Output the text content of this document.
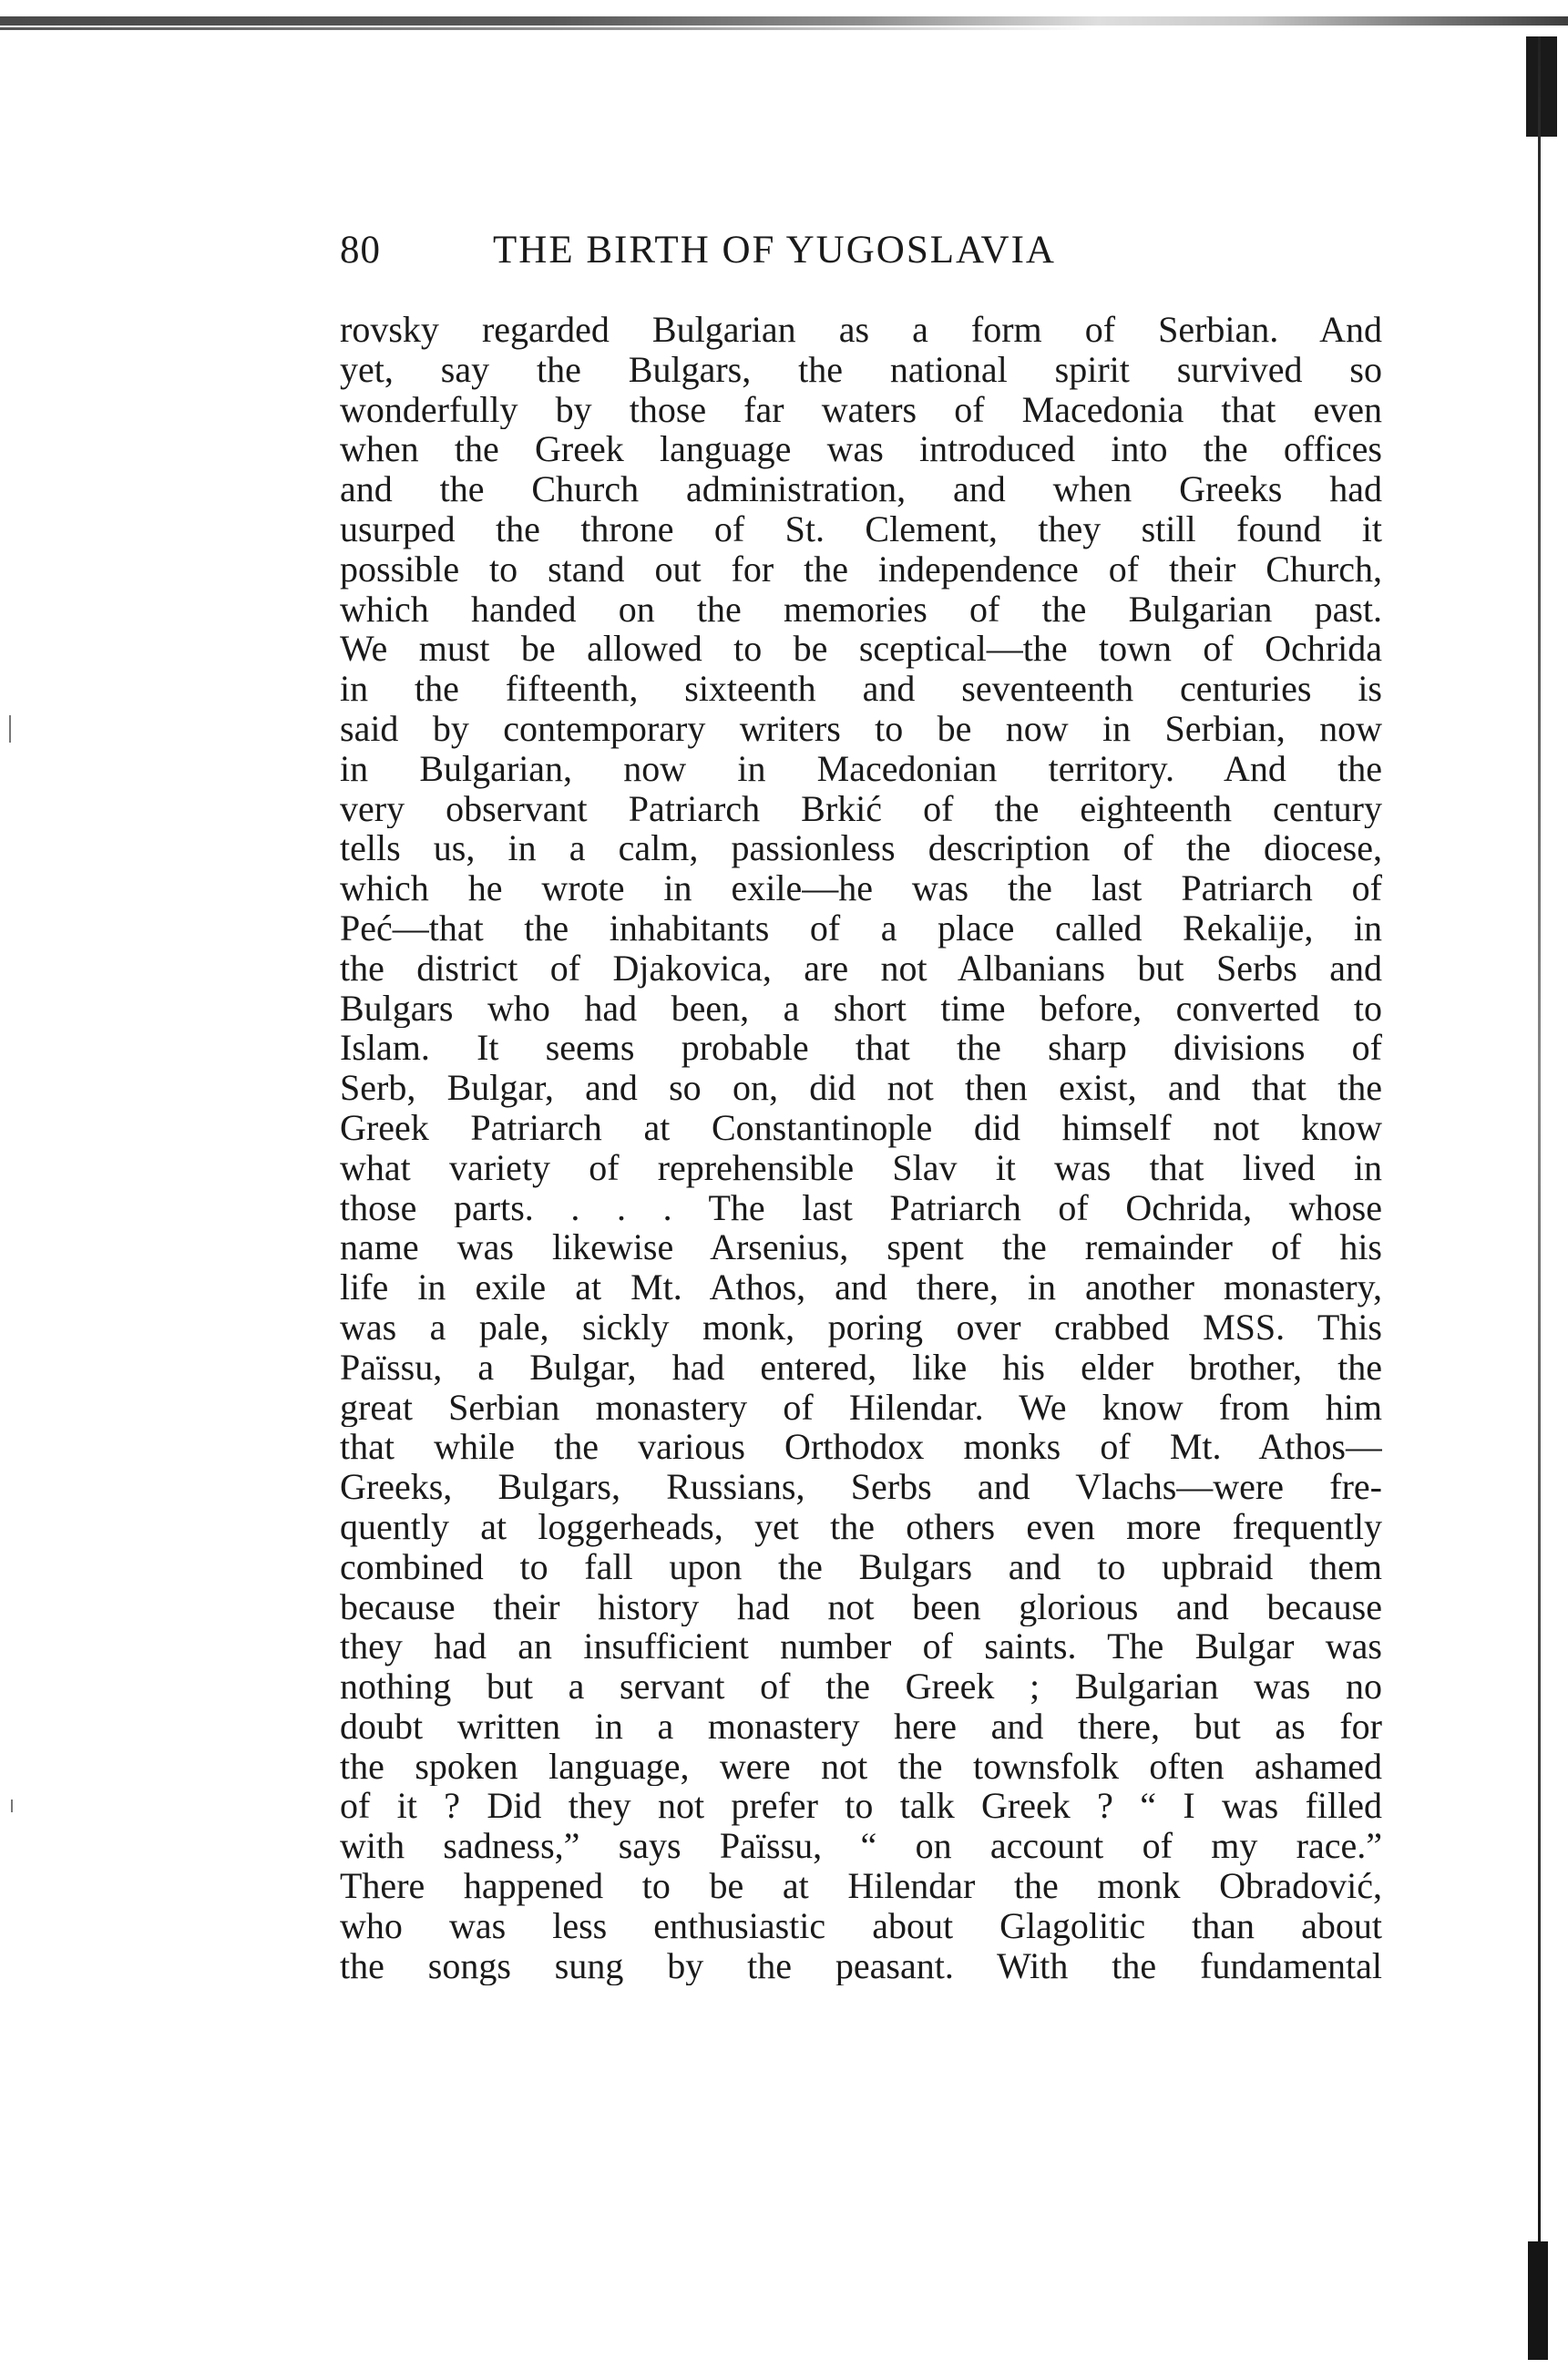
80	THE BIRTH OF YUGOSLAVIA
rovsky regarded Bulgarian as a form of Serbian. And
yet, say the Bulgars, the national spirit survived so
wonderfully by those far waters of Macedonia that even
when the Greek language was introduced into the offices
and the Church administration, and when Greeks had
usurped the throne of St. Clement, they still found it
possible to stand out for the independence of their Church,
which handed on the memories of the Bulgarian past.
We must be allowed to be sceptical—the town of Ochrida
in the fifteenth, sixteenth and seventeenth centuries is
said by contemporary writers to be now in Serbian, now
in Bulgarian, now in Macedonian territory. And the
very observant Patriarch Brkić of the eighteenth century
tells us, in a calm, passionless description of the diocese,
which he wrote in exile—he was the last Patriarch of
Peć—that the inhabitants of a place called Rekalije, in
the district of Djakovica, are not Albanians but Serbs and
Bulgars who had been, a short time before, converted to
Islam. It seems probable that the sharp divisions of
Serb, Bulgar, and so on, did not then exist, and that the
Greek Patriarch at Constantinople did himself not know
what variety of reprehensible Slav it was that lived in
those parts. . . . The last Patriarch of Ochrida, whose
name was likewise Arsenius, spent the remainder of his
life in exile at Mt. Athos, and there, in another monastery,
was a pale, sickly monk, poring over crabbed MSS. This
Païssu, a Bulgar, had entered, like his elder brother, the
great Serbian monastery of Hilendar. We know from him
that while the various Orthodox monks of Mt. Athos—
Greeks, Bulgars, Russians, Serbs and Vlachs—were fre-
quently at loggerheads, yet the others even more frequently
combined to fall upon the Bulgars and to upbraid them
because their history had not been glorious and because
they had an insufficient number of saints. The Bulgar was
nothing but a servant of the Greek ; Bulgarian was no
doubt written in a monastery here and there, but as for
the spoken language, were not the townsfolk often ashamed
of it ? Did they not prefer to talk Greek ? “ I was filled
with sadness,” says Païssu, “ on account of my race.”
There happened to be at Hilendar the monk Obradović,
who was less enthusiastic about Glagolitic than about
the songs sung by the peasant. With the fundamental
